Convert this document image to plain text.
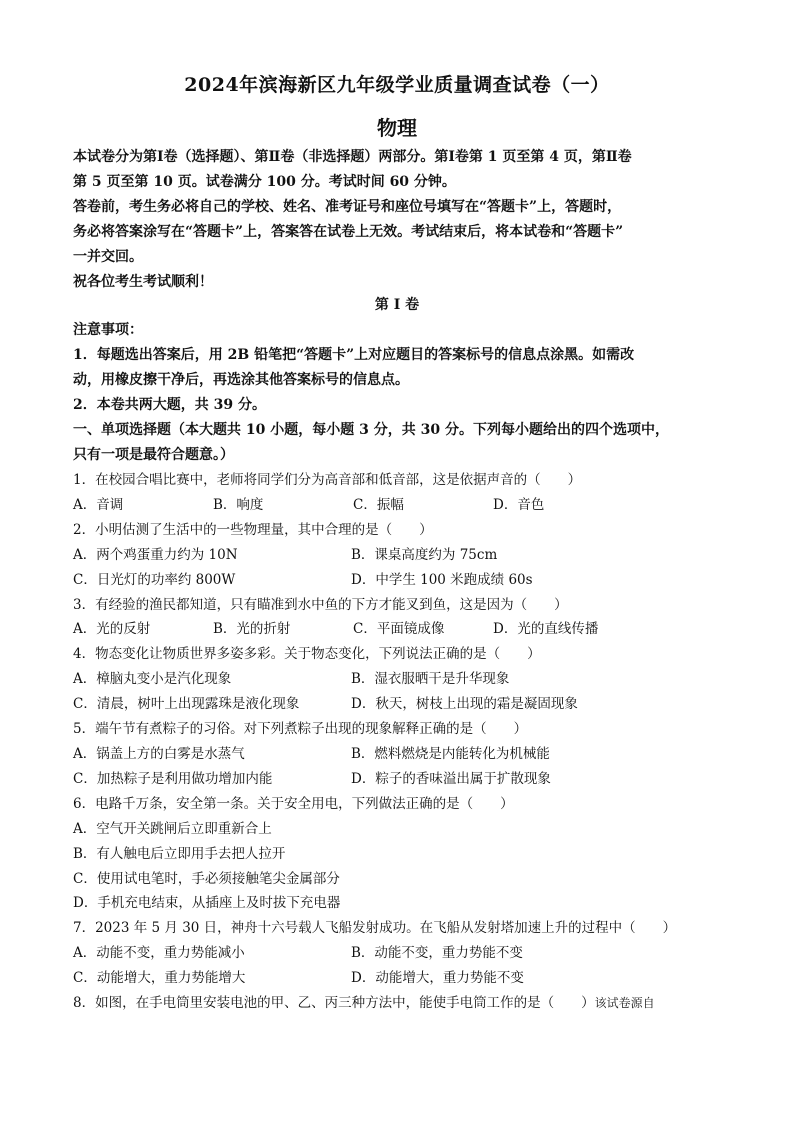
2024年滨海新区九年级学业质量调查试卷（一）
物理

本试卷分为第Ⅰ卷（选择题）、第Ⅱ卷（非选择题）两部分。第Ⅰ卷第 1 页至第 4 页，第Ⅱ卷

第 5 页至第 10 页。试卷满分 100 分。考试时间 60 分钟。

答卷前，考生务必将自己的学校、姓名、准考证号和座位号填写在“答题卡”上，答题时，

务必将答案涂写在“答题卡”上，答案答在试卷上无效。考试结束后，将本试卷和“答题卡”

一并交回。

祝各位考生考试顺利！

第 I 卷

注意事项：

1．每题选出答案后，用 2B 铅笔把“答题卡”上对应题目的答案标号的信息点涂黑。如需改

动，用橡皮擦干净后，再选涂其他答案标号的信息点。

2．本卷共两大题，共 39 分。

一、单项选择题（本大题共 10 小题，每小题 3 分，共 30 分。下列每小题给出的四个选项中，

只有一项是最符合题意。）

1．在校园合唱比赛中，老师将同学们分为高音部和低音部，这是依据声音的（　　）
A．音调	B．响度	C．振幅	D．音色
2．小明估测了生活中的一些物理量，其中合理的是（　　）
A．两个鸡蛋重力约为 10N	B．课桌高度约为 75cm
C．日光灯的功率约 800W	D．中学生 100 米跑成绩 60s
3．有经验的渔民都知道，只有瞄准到水中鱼的下方才能叉到鱼，这是因为（　　）
A．光的反射	B．光的折射	C．平面镜成像	D．光的直线传播
4．物态变化让物质世界多姿多彩。关于物态变化，下列说法正确的是（　　）
A．樟脑丸变小是汽化现象	B．湿衣服晒干是升华现象
C．清晨，树叶上出现露珠是液化现象	D．秋天，树枝上出现的霜是凝固现象
5．端午节有煮粽子的习俗。对下列煮粽子出现的现象解释正确的是（　　）
A．锅盖上方的白雾是水蒸气	B．燃料燃烧是内能转化为机械能
C．加热粽子是利用做功增加内能	D．粽子的香味溢出属于扩散现象
6．电路千万条，安全第一条。关于安全用电，下列做法正确的是（　　）
A．空气开关跳闸后立即重新合上
B．有人触电后立即用手去把人拉开
C．使用试电笔时，手必须接触笔尖金属部分
D．手机充电结束，从插座上及时拔下充电器
7．2023 年 5 月 30 日，神舟十六号载人飞船发射成功。在飞船从发射塔加速上升的过程中（　　）
A．动能不变，重力势能减小	B．动能不变，重力势能不变
C．动能增大，重力势能增大	D．动能增大，重力势能不变
8．如图，在手电筒里安装电池的甲、乙、丙三种方法中，能使手电筒工作的是（　　）该试卷源自
